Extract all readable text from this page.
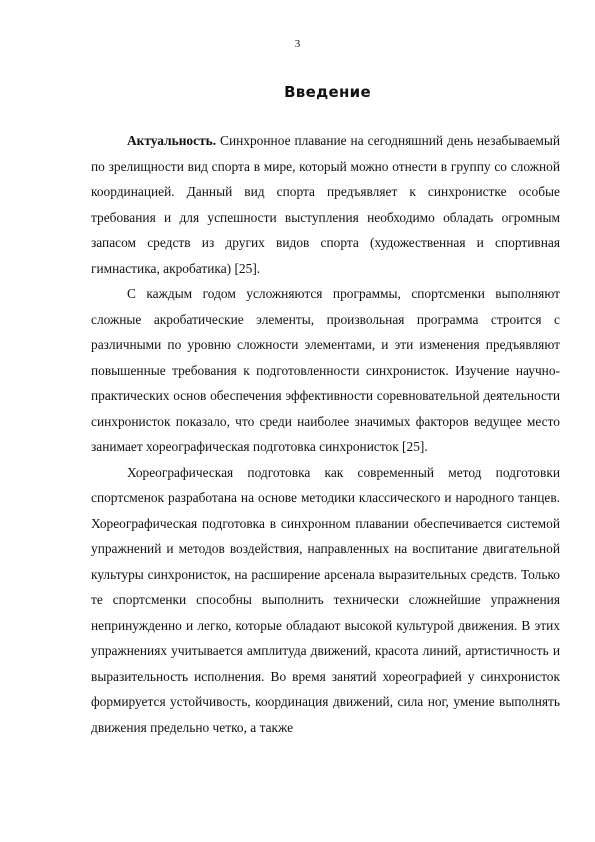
3
Введение

Актуальность. Синхронное плавание на сегодняшний день незабываемый по зрелищности вид спорта в мире, который можно отнести в группу со сложной координацией. Данный вид спорта предъявляет к синхронистке особые требования и для успешности выступления необходимо обладать огромным запасом средств из других видов спорта (художественная и спортивная гимнастика, акробатика) [25].

С каждым годом усложняются программы, спортсменки выполняют сложные акробатические элементы, произвольная программа строится с различными по уровню сложности элементами, и эти изменения предъявляют повышенные требования к подготовленности синхронисток. Изучение научно-практических основ обеспечения эффективности соревновательной деятельности синхронисток показало, что среди наиболее значимых факторов ведущее место занимает хореографическая подготовка синхронисток [25].

Хореографическая подготовка как современный метод подготовки спортсменок разработана на основе методики классического и народного танцев. Хореографическая подготовка в синхронном плавании обеспечивается системой упражнений и методов воздействия, направленных на воспитание двигательной культуры синхронисток, на расширение арсенала выразительных средств. Только те спортсменки способны выполнить технически сложнейшие упражнения непринужденно и легко, которые обладают высокой культурой движения. В этих упражнениях учитывается амплитуда движений, красота линий, артистичность и выразительность исполнения. Во время занятий хореографией у синхронисток формируется устойчивость, координация движений, сила ног, умение выполнять движения предельно четко, а также
